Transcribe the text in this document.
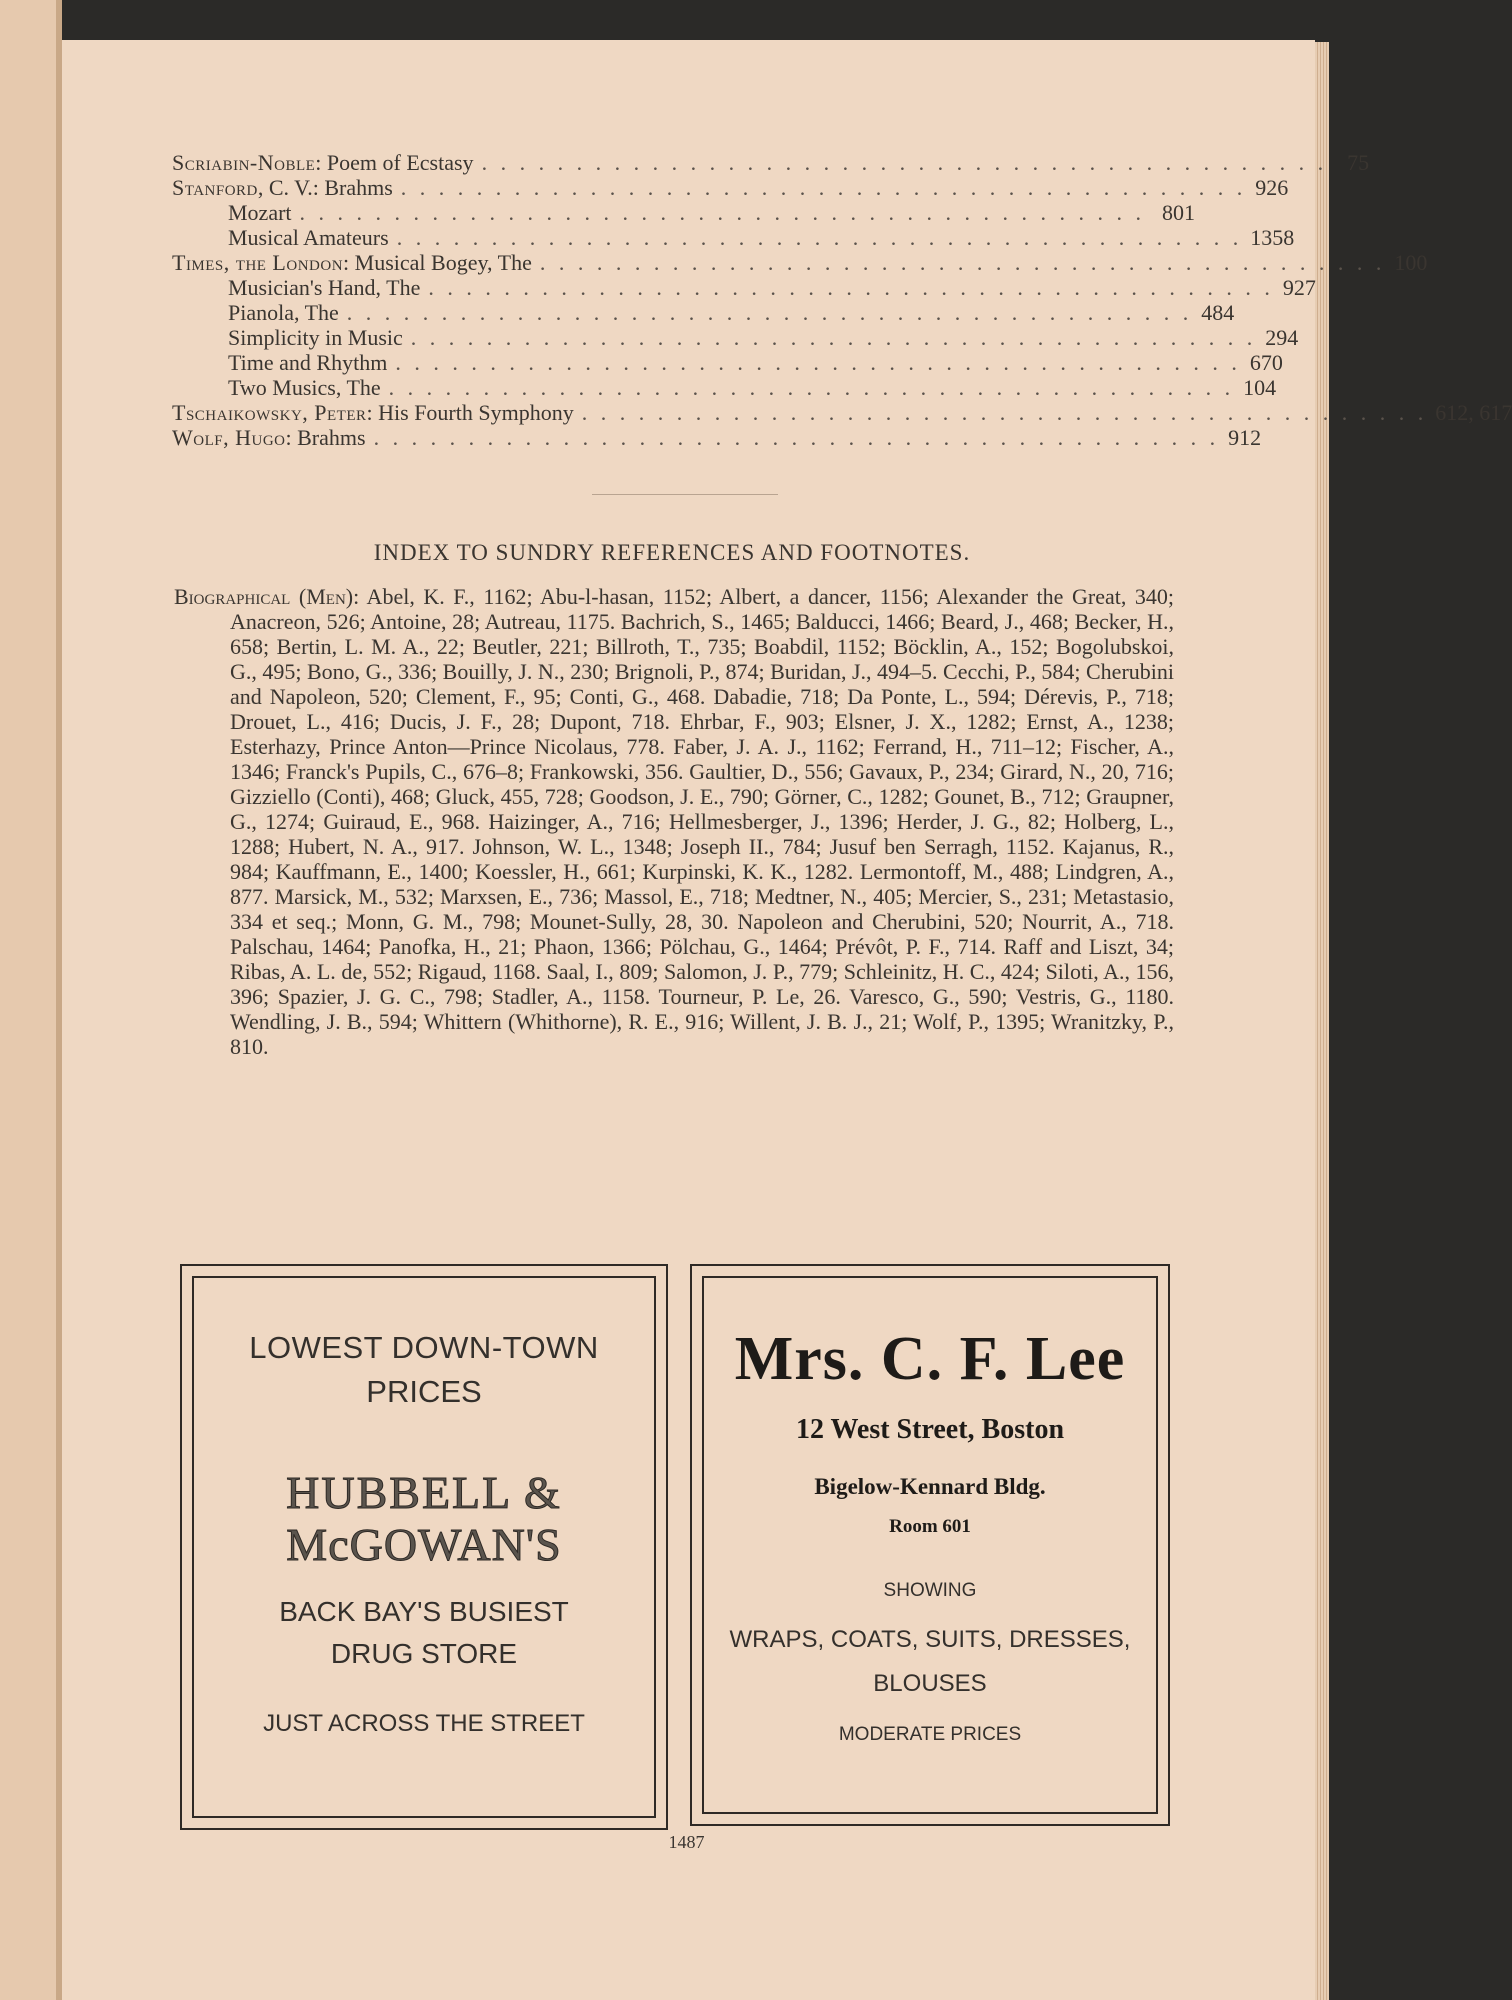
Scriabin-Noble: Poem of Ecstasy . . . . . . . . . . . . . . . . . . . . . . . . . . . . . . . . . . . . . . . . . . . . . 75
Stanford, C. V.: Brahms . . . . . . . . . . . . . . . . . . . . . . . . . . . . . . . . . . . . . . . . . . . . . 926
Mozart . . . . . . . . . . . . . . . . . . . . . . . . . . . . . . . . . . . . . . . . . . . . . 801
Musical Amateurs . . . . . . . . . . . . . . . . . . . . . . . . . . . . . . . . . . . . . . . . . . . . . 1358
Times, the London: Musical Bogey, The . . . . . . . . . . . . . . . . . . . . . . . . . . . . . . . . . . . . . . . . . . . . . 100
Musician's Hand, The . . . . . . . . . . . . . . . . . . . . . . . . . . . . . . . . . . . . . . . . . . . . . 927
Pianola, The . . . . . . . . . . . . . . . . . . . . . . . . . . . . . . . . . . . . . . . . . . . . . 484
Simplicity in Music . . . . . . . . . . . . . . . . . . . . . . . . . . . . . . . . . . . . . . . . . . . . . 294
Time and Rhythm . . . . . . . . . . . . . . . . . . . . . . . . . . . . . . . . . . . . . . . . . . . . . 670
Two Musics, The . . . . . . . . . . . . . . . . . . . . . . . . . . . . . . . . . . . . . . . . . . . . . 104
Tschaikowsky, Peter: His Fourth Symphony . . . . . . . . . . . . . . . . . . . . . . . . . . . . . . . . . . . . . . . . . . . . . 612, 617
Wolf, Hugo: Brahms . . . . . . . . . . . . . . . . . . . . . . . . . . . . . . . . . . . . . . . . . . . . . 912
INDEX TO SUNDRY REFERENCES AND FOOTNOTES.
Biographical (Men): Abel, K. F., 1162; Abu-l-hasan, 1152; Albert, a dancer, 1156; Alexander the Great, 340; Anacreon, 526; Antoine, 28; Autreau, 1175. Bachrich, S., 1465; Balducci, 1466; Beard, J., 468; Becker, H., 658; Bertin, L. M. A., 22; Beutler, 221; Billroth, T., 735; Boabdil, 1152; Böcklin, A., 152; Bogolubskoi, G., 495; Bono, G., 336; Bouilly, J. N., 230; Brignoli, P., 874; Buridan, J., 494–5. Cecchi, P., 584; Cherubini and Napoleon, 520; Clement, F., 95; Conti, G., 468. Dabadie, 718; Da Ponte, L., 594; Dérevis, P., 718; Drouet, L., 416; Ducis, J. F., 28; Dupont, 718. Ehrbar, F., 903; Elsner, J. X., 1282; Ernst, A., 1238; Esterhazy, Prince Anton—Prince Nicolaus, 778. Faber, J. A. J., 1162; Ferrand, H., 711–12; Fischer, A., 1346; Franck's Pupils, C., 676–8; Frankowski, 356. Gaultier, D., 556; Gavaux, P., 234; Girard, N., 20, 716; Gizziello (Conti), 468; Gluck, 455, 728; Goodson, J. E., 790; Görner, C., 1282; Gounet, B., 712; Graupner, G., 1274; Guiraud, E., 968. Haizinger, A., 716; Hellmesberger, J., 1396; Herder, J. G., 82; Holberg, L., 1288; Hubert, N. A., 917. Johnson, W. L., 1348; Joseph II., 784; Jusuf ben Serragh, 1152. Kajanus, R., 984; Kauffmann, E., 1400; Koessler, H., 661; Kurpinski, K. K., 1282. Lermontoff, M., 488; Lindgren, A., 877. Marsick, M., 532; Marxsen, E., 736; Massol, E., 718; Medtner, N., 405; Mercier, S., 231; Metastasio, 334 et seq.; Monn, G. M., 798; Mounet-Sully, 28, 30. Napoleon and Cherubini, 520; Nourrit, A., 718. Palschau, 1464; Panofka, H., 21; Phaon, 1366; Pölchau, G., 1464; Prévôt, P. F., 714. Raff and Liszt, 34; Ribas, A. L. de, 552; Rigaud, 1168. Saal, I., 809; Salomon, J. P., 779; Schleinitz, H. C., 424; Siloti, A., 156, 396; Spazier, J. G. C., 798; Stadler, A., 1158. Tourneur, P. Le, 26. Varesco, G., 590; Vestris, G., 1180. Wendling, J. B., 594; Whittern (Whithorne), R. E., 916; Willent, J. B. J., 21; Wolf, P., 1395; Wranitzky, P., 810.
LOWEST DOWN-TOWN
PRICES
HUBBELL &
McGOWAN'S
BACK BAY'S BUSIEST
DRUG STORE
JUST ACROSS THE STREET
Mrs. C. F. Lee
12 West Street, Boston
Bigelow-Kennard Bldg.
Room 601
SHOWING
WRAPS, COATS, SUITS, DRESSES,
BLOUSES
MODERATE PRICES
1487
